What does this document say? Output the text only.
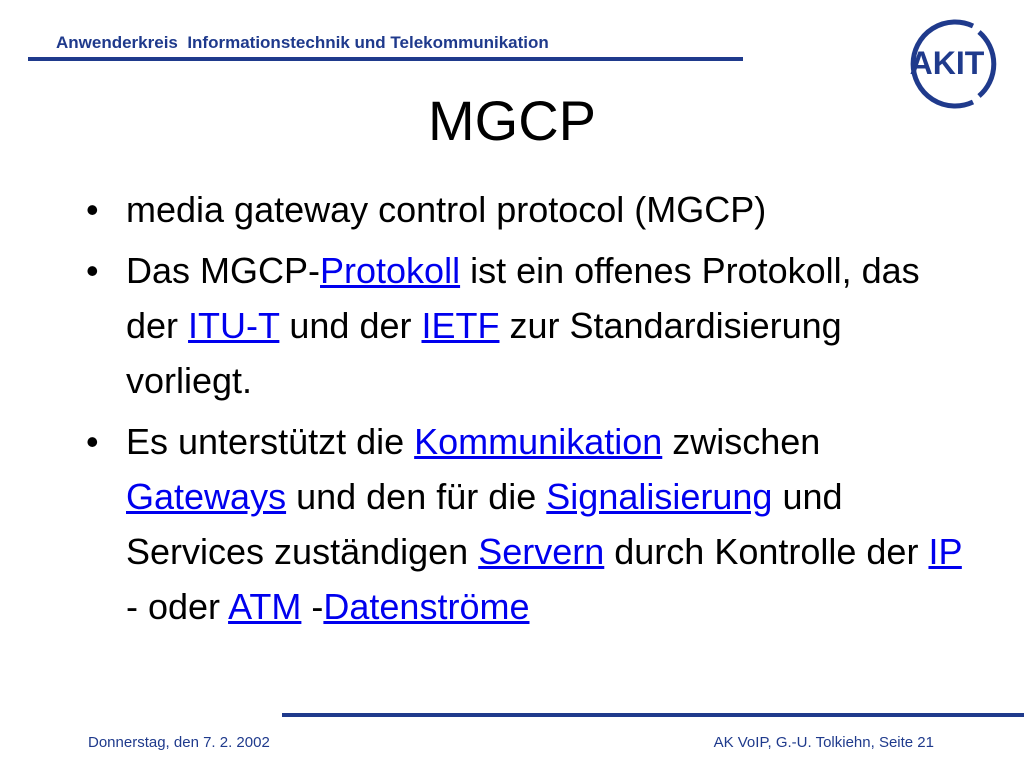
Anwenderkreis  Informationstechnik und Telekommunikation
AKIT
MGCP
• media gateway control protocol (MGCP)
• Das MGCP-Protokoll ist ein offenes Protokoll, das der ITU-T und der IETF zur Standardisierung vorliegt.
• Es unterstützt die Kommunikation zwischen Gateways und den für die Signalisierung und Services zuständigen Servern durch Kontrolle der IP - oder ATM -Datenströme
Donnerstag, den 7. 2. 2002	AK VoIP, G.-U. Tolkiehn, Seite 21
